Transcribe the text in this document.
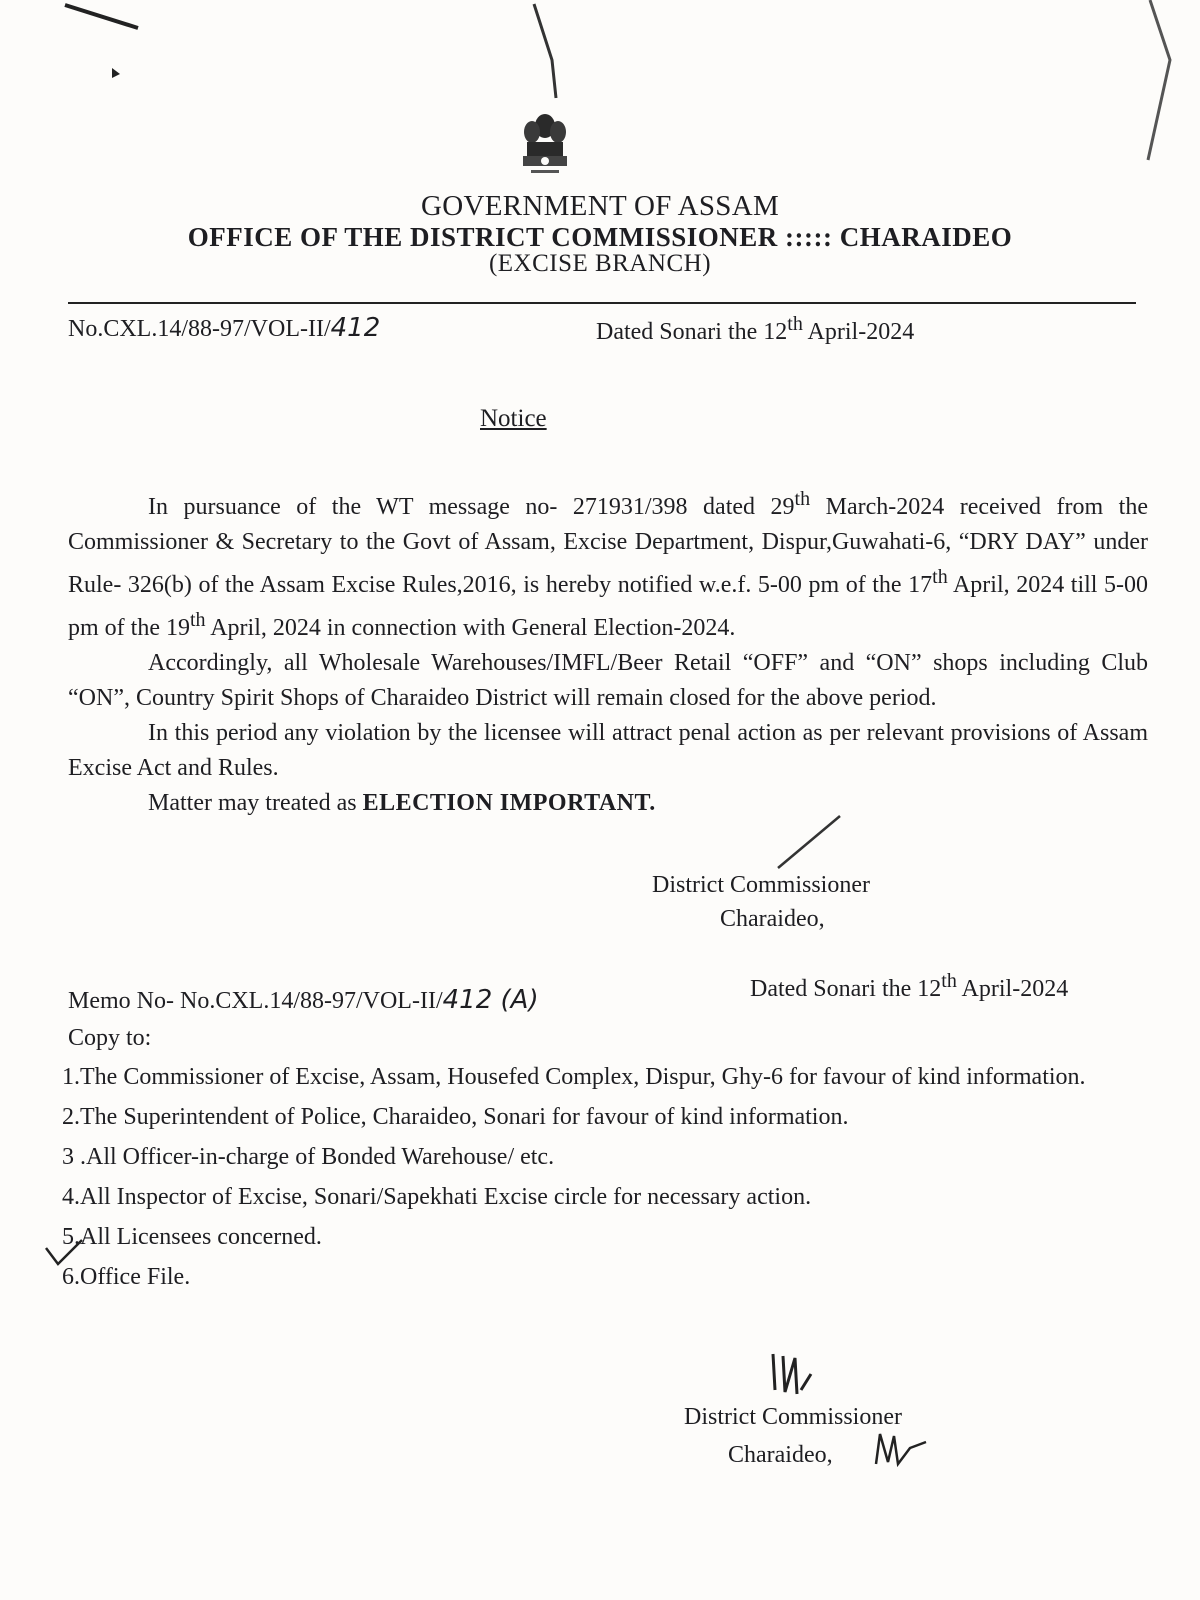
GOVERNMENT OF ASSAM
OFFICE OF THE DISTRICT COMMISSIONER ::::: CHARAIDEO
(EXCISE BRANCH)
No.CXL.14/88-97/VOL-II/412	Dated Sonari the 12th April-2024
Notice

In pursuance of the WT message no- 271931/398 dated 29th March-2024 received from the Commissioner & Secretary to the Govt of Assam, Excise Department, Dispur,Guwahati-6, “DRY DAY” under Rule- 326(b) of the Assam Excise Rules,2016, is hereby notified w.e.f. 5-00 pm of the 17th April, 2024 till 5-00 pm of the 19th April, 2024 in connection with General Election-2024.

Accordingly, all Wholesale Warehouses/IMFL/Beer Retail “OFF” and “ON” shops including Club “ON”, Country Spirit Shops of Charaideo District will remain closed for the above period.

In this period any violation by the licensee will attract penal action as per relevant provisions of Assam Excise Act and Rules.

Matter may treated as ELECTION IMPORTANT.

District Commissioner
Charaideo,
Memo No- No.CXL.14/88-97/VOL-II/412 (A)	Dated Sonari the 12th April-2024
Copy to:
1.The Commissioner of Excise, Assam, Housefed Complex, Dispur, Ghy-6 for favour of kind information.
2.The Superintendent of Police, Charaideo, Sonari for favour of kind information.
3 .All Officer-in-charge of Bonded Warehouse/ etc.
4.All Inspector of Excise, Sonari/Sapekhati Excise circle for necessary action.
5.All Licensees concerned.
6.Office File.
District Commissioner
Charaideo,
